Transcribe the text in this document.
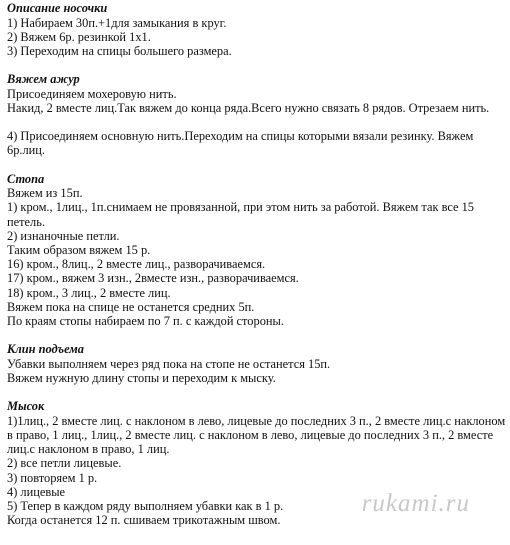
Описание носочки

1) Набираем 30п.+1для замыкания в круг.

2) Вяжем 6р. резинкой 1х1.

3) Переходим на спицы большего размера.

Вяжем ажур

Присоединяем мохеровую нить.

Накид, 2 вместе лиц.Так вяжем до конца ряда.Всего нужно связать 8 рядов. Отрезаем нить.

4) Присоединяем основную нить.Переходим на спицы которыми вязали резинку. Вяжем 6р.лиц.

Стопа

Вяжем из 15п.

1) кром., 1лиц., 1п.снимаем не провязанной, при этом нить за работой. Вяжем так все 15 петель.

2) изнаночные петли.

Таким образом вяжем 15 р.

16) кром., 8лиц., 2 вместе лиц., разворачиваемся.

17) кром., вяжем 3 изн., 2вместе изн., разворачиваемся.

18) кром., 3 лиц., 2 вместе лиц.

Вяжем пока на спице не останется средних 5п.

По краям стопы набираем по 7 п. с каждой стороны.

Клин подъема

Убавки выполняем через ряд пока на стопе не останется 15п.

Вяжем нужную длину стопы и переходим к мыску.

Мысок

1)1лиц., 2 вместе лиц. с наклоном в лево, лицевые до последних 3 п., 2 вместе лиц.с наклоном в право, 1 лиц., 1лиц., 2 вместе лиц. с наклоном в лево, лицевые до последних 3 п., 2 вместе лиц.с наклоном в право, 1 лиц.

2) все петли лицевые.

3) повторяем 1 р.

4) лицевые

5) Тепер в каждом ряду выполняем убавки как в 1 р.

Когда останется 12 п. сшиваем трикотажным швом.

rukami.ru
